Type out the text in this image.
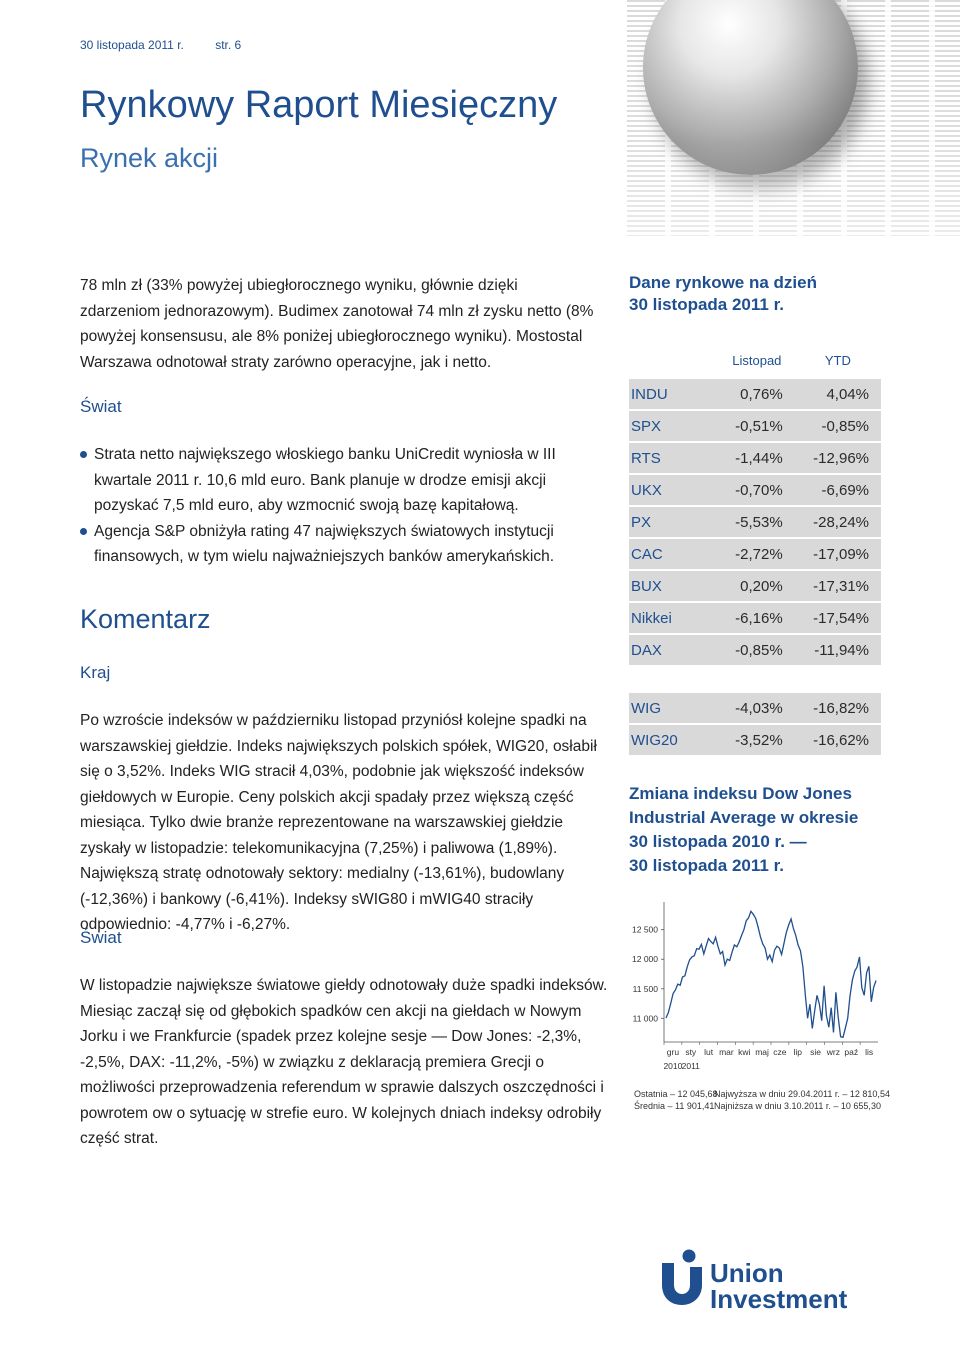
30 listopada 2011 r.	str. 6
Rynkowy Raport Miesięczny
Rynek akcji
78 mln zł (33% powyżej ubiegłorocznego wyniku, głównie dzięki zdarzeniom jednorazowym). Budimex zanotował 74 mln zł zysku netto (8% powyżej konsensusu, ale 8% poniżej ubiegłorocznego wyniku). Mostostal Warszawa odnotował straty zarówno operacyjne, jak i netto.
Świat
Strata netto największego włoskiego banku UniCredit wyniosła w III kwartale 2011 r. 10,6 mld euro. Bank planuje w drodze emisji akcji pozyskać 7,5 mld euro, aby wzmocnić swoją bazę kapitałową.
Agencja S&P obniżyła rating 47 największych światowych instytucji finansowych, w tym wielu najważniejszych banków amerykańskich.
Komentarz
Kraj
Po wzroście indeksów w październiku listopad przyniósł kolejne spadki na warszawskiej giełdzie. Indeks największych polskich spółek, WIG20, osłabił się o 3,52%. Indeks WIG stracił 4,03%, podobnie jak większość indeksów giełdowych w Europie. Ceny polskich akcji spadały przez większą część miesiąca. Tylko dwie branże reprezentowane na warszawskiej giełdzie zyskały w listopadzie: telekomunikacyjna (7,25%) i paliwowa (1,89%). Największą stratę odnotowały sektory: medialny (-13,61%), budowlany (-12,36%) i bankowy (-6,41%). Indeksy sWIG80 i mWIG40 straciły odpowiednio: -4,77% i -6,27%.
Świat
W listopadzie największe światowe giełdy odnotowały duże spadki indeksów. Miesiąc zaczął się od głębokich spadków cen akcji na giełdach w Nowym Jorku i we Frankfurcie (spadek przez kolejne sesje — Dow Jones: -2,3%, -2,5%, DAX: -11,2%, -5%) w związku z deklaracją premiera Grecji o możliwości przeprowadzenia referendum w sprawie dalszych oszczędności i powrotem ow o sytuację w strefie euro. W kolejnych dniach indeksy odrobiły część strat.
Dane rynkowe na dzień
30 listopada 2011 r.
	Listopad	YTD
INDU	0,76%	4,04%
SPX	-0,51%	-0,85%
RTS	-1,44%	-12,96%
UKX	-0,70%	-6,69%
PX	-5,53%	-28,24%
CAC	-2,72%	-17,09%
BUX	0,20%	-17,31%
Nikkei	-6,16%	-17,54%
DAX	-0,85%	-11,94%

WIG	-4,03%	-16,82%
WIG20	-3,52%	-16,62%
Zmiana indeksu Dow Jones
Industrial Average w okresie
30 listopada 2010 r. —
30 listopada 2011 r.
12 500
12 000
11 500
11 000
gru sty lut mar kwi maj cze lip sie wrz paź lis
2010 2011
Ostatnia – 12 045,68
Średnia – 11 901,41
Najwyższa w dniu 29.04.2011 r. – 12 810,54
Najniższa w dniu 3.10.2011 r. – 10 655,30
Union
Investment
